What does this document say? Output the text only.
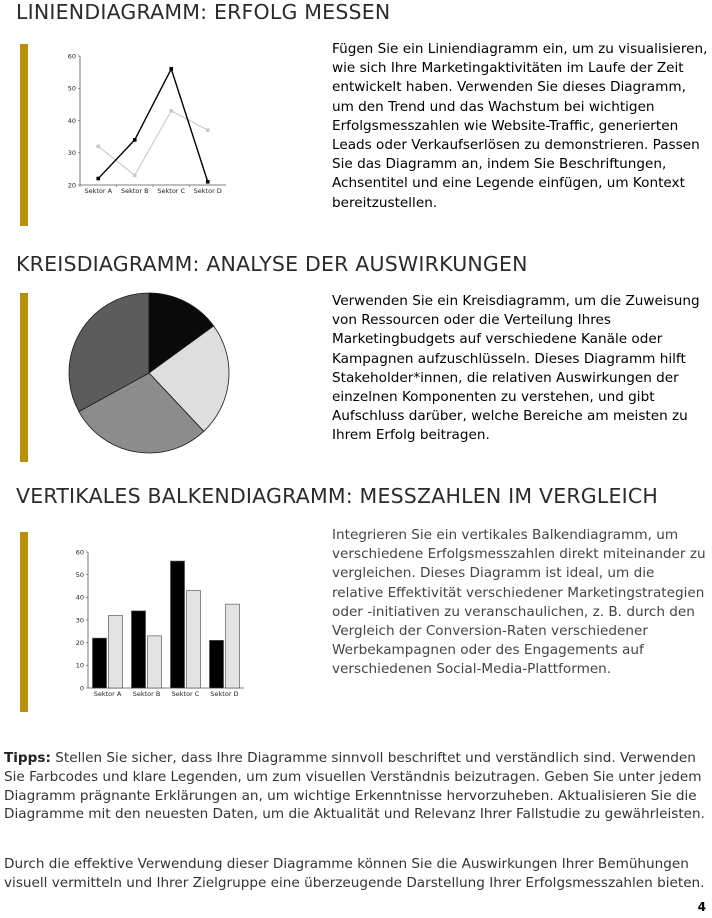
LINIENDIAGRAMM: ERFOLG MESSEN
20
30
40
50
60
Sektor A Sektor B Sektor C Sektor D

Fügen Sie ein Liniendiagramm ein, um zu visualisieren, wie sich Ihre Marketingaktivitäten im Laufe der Zeit entwickelt haben. Verwenden Sie dieses Diagramm, um den Trend und das Wachstum bei wichtigen Erfolgsmesszahlen wie Website-Traffic, generierten Leads oder Verkaufserlösen zu demonstrieren. Passen Sie das Diagramm an, indem Sie Beschriftungen, Achsentitel und eine Legende einfügen, um Kontext bereitzustellen.

KREISDIAGRAMM: ANALYSE DER AUSWIRKUNGEN

Verwenden Sie ein Kreisdiagramm, um die Zuweisung von Ressourcen oder die Verteilung Ihres Marketingbudgets auf verschiedene Kanäle oder Kampagnen aufzuschlüsseln. Dieses Diagramm hilft Stakeholder*innen, die relativen Auswirkungen der einzelnen Komponenten zu verstehen, und gibt Aufschluss darüber, welche Bereiche am meisten zu Ihrem Erfolg beitragen.

VERTIKALES BALKENDIAGRAMM: MESSZAHLEN IM VERGLEICH
0
10
20
30
40
50
60
Sektor A Sektor B Sektor C Sektor D

Integrieren Sie ein vertikales Balkendiagramm, um verschiedene Erfolgsmesszahlen direkt miteinander zu vergleichen. Dieses Diagramm ist ideal, um die relative Effektivität verschiedener Marketingstrategien oder -initiativen zu veranschaulichen, z. B. durch den Vergleich der Conversion-Raten verschiedener Werbekampagnen oder des Engagements auf verschiedenen Social-Media-Plattformen.

Tipps: Stellen Sie sicher, dass Ihre Diagramme sinnvoll beschriftet und verständlich sind. Verwenden Sie Farbcodes und klare Legenden, um zum visuellen Verständnis beizutragen. Geben Sie unter jedem Diagramm prägnante Erklärungen an, um wichtige Erkenntnisse hervorzuheben. Aktualisieren Sie die Diagramme mit den neuesten Daten, um die Aktualität und Relevanz Ihrer Fallstudie zu gewährleisten.

Durch die effektive Verwendung dieser Diagramme können Sie die Auswirkungen Ihrer Bemühungen visuell vermitteln und Ihrer Zielgruppe eine überzeugende Darstellung Ihrer Erfolgsmesszahlen bieten.

4
